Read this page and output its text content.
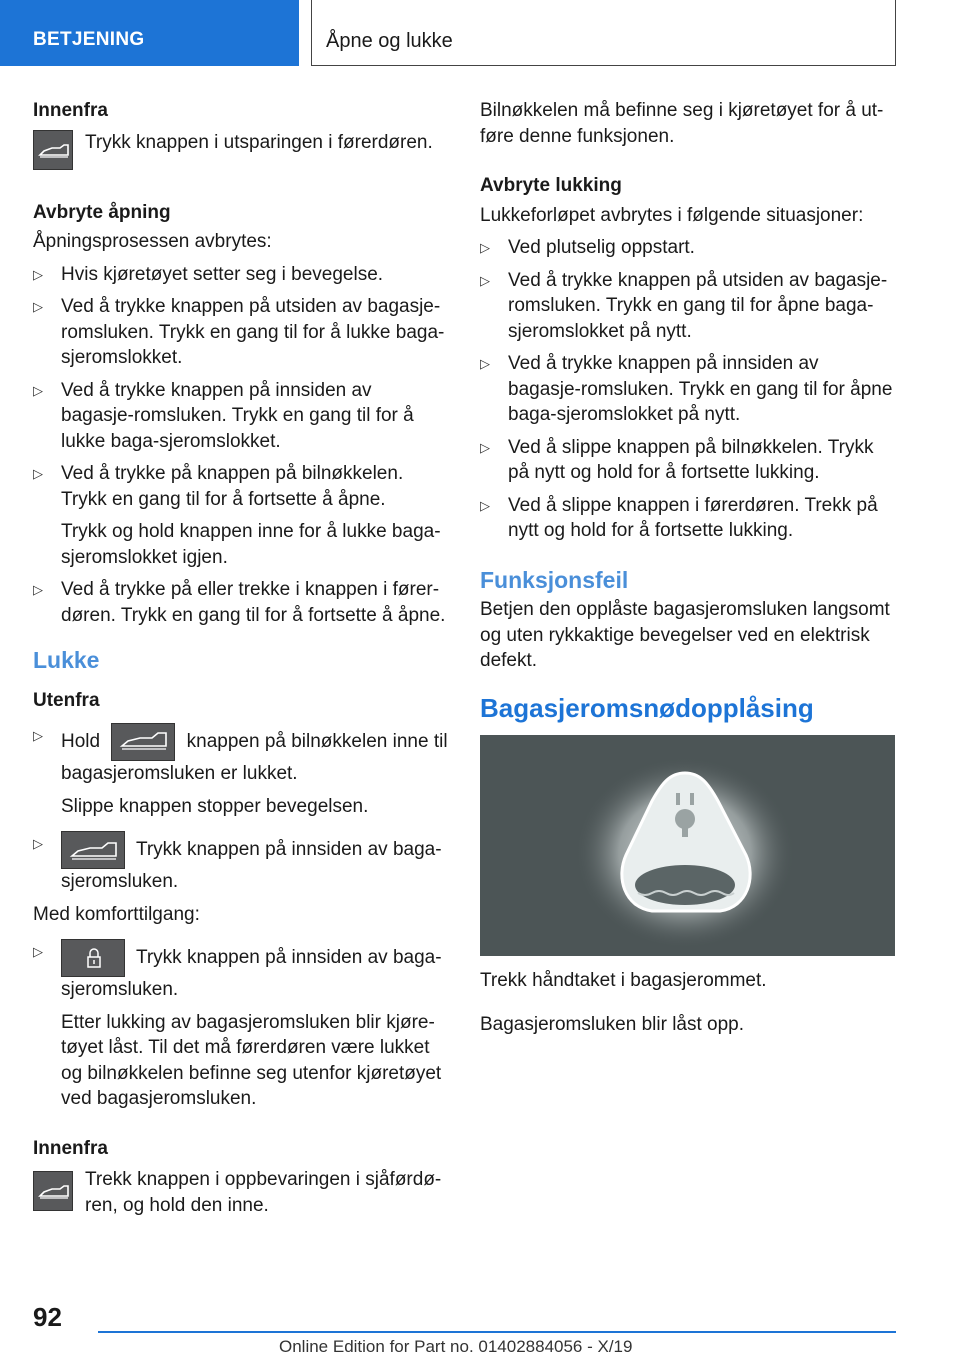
BETJENING	Åpne og lukke
Innenfra
Trykk knappen i utsparingen i førerdøren.
Avbryte åpning
Åpningsprosessen avbrytes:
▷ Hvis kjøretøyet setter seg i bevegelse.
▷ Ved å trykke knappen på utsiden av bagasje-romsluken. Trykk en gang til for å lukke baga-sjeromslokket.
▷ Ved å trykke knappen på innsiden av bagasje-romsluken. Trykk en gang til for å lukke baga-sjeromslokket.
▷ Ved å trykke på knappen på bilnøkkelen. Trykk en gang til for å fortsette å åpne.
Trykk og hold knappen inne for å lukke baga-sjeromslokket igjen.
▷ Ved å trykke på eller trekke i knappen i fører-døren. Trykk en gang til for å fortsette å åpne.
Lukke
Utenfra
▷ Hold	knappen på bilnøkkelen inne til bagasjeromsluken er lukket.
Slippe knappen stopper bevegelsen.
▷ Trykk knappen på innsiden av baga-sjeromsluken.
Med komforttilgang:
▷ Trykk knappen på innsiden av baga-sjeromsluken.
Etter lukking av bagasjeromsluken blir kjøre-tøyet låst. Til det må førerdøren være lukket og bilnøkkelen befinne seg utenfor kjøretøyet ved bagasjeromsluken.
Innenfra
Trekk knappen i oppbevaringen i sjåførdø-ren, og hold den inne.
Bilnøkkelen må befinne seg i kjøretøyet for å ut-føre denne funksjonen.
Avbryte lukking
Lukkeforløpet avbrytes i følgende situasjoner:
▷ Ved plutselig oppstart.
▷ Ved å trykke knappen på utsiden av bagasje-romsluken. Trykk en gang til for åpne baga-sjeromslokket på nytt.
▷ Ved å trykke knappen på innsiden av bagasje-romsluken. Trykk en gang til for åpne baga-sjeromslokket på nytt.
▷ Ved å slippe knappen på bilnøkkelen. Trykk på nytt og hold for å fortsette lukking.
▷ Ved å slippe knappen i førerdøren. Trekk på nytt og hold for å fortsette lukking.
Funksjonsfeil
Betjen den opplåste bagasjeromsluken langsomt og uten rykkaktige bevegelser ved en elektrisk defekt.
Bagasjeromsnødopplåsing
Trekk håndtaket i bagasjerommet.
Bagasjeromsluken blir låst opp.
92
Online Edition for Part no. 01402884056 - X/19
